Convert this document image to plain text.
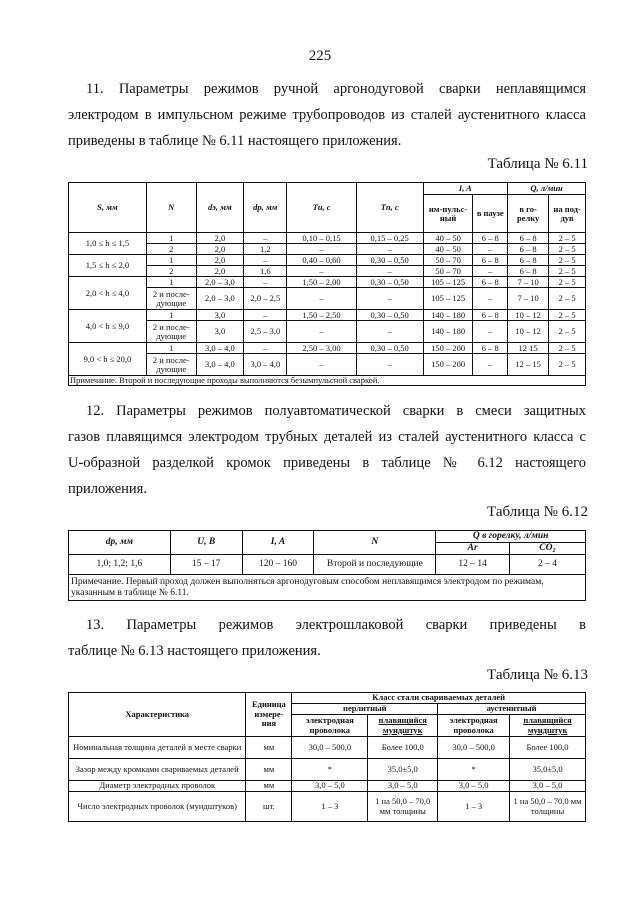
225
11. Параметры режимов ручной аргонодуговой сварки неплавящимся
электродом в импульсном режиме трубопроводов из сталей аустенитного класса
приведены в таблице № 6.11 настоящего приложения.
Таблица № 6.11
S, мм	N	dэ, мм	dр, мм	Tи, с	Tп, с	I, A		Q, л/мин	
						им-пульс-ный	в паузе	в го-релку	на под-дув
1,0 ≤ h ≤ 1,5	1	2,0	–	0,10 – 0,15	0,15 – 0,25	40 – 50	6 – 8	6 – 8	2 – 5
	2	2,0	1,2	–	–	40 – 50	–	6 – 8	2 – 5
1,5 ≤ h ≤ 2,0	1	2,0	–	0,40 – 0,60	0,30 – 0,50	50 – 70	6 – 8	6 – 8	2 – 5
	2	2,0	1,6	–	–	50 – 70	–	6 – 8	2 – 5
2,0 < h ≤ 4,0	1	2,0 – 3,0	–	1,50 – 2,00	0,30 – 0,50	105 – 125	6 – 8	7 – 10	2 – 5
	2 и после-дующие	2,0 – 3,0	2,0 – 2,5	–	–	105 – 125	–	7 – 10	2 – 5
4,0 < h ≤ 9,0	1	3,0	–	1,50 – 2,50	0,30 – 0,50	140 – 180	6 – 8	10 – 12	2 – 5
	2 и после-дующие	3,0	2,5 – 3,0	–	–	140 – 180	–	10 – 12	2 – 5
9,0 < h ≤ 20,0	1	3,0 – 4,0	–	2,50 – 3,00	0,30 – 0,50	150 – 200	6 – 8	12 15	2 – 5
	2 и после-дующие	3,0 – 4,0	3,0 – 4,0	–	–	150 – 200	–	12 – 15	2 – 5
Примечание. Второй и последующие проходы выполняются безымпульсной сваркой.									
12. Параметры режимов полуавтоматической сварки в смеси защитных
газов плавящимся электродом трубных деталей из сталей аустенитного класса с
U-образной разделкой кромок приведены в таблице № 6.12 настоящего
приложения.
Таблица № 6.12
dр, мм	U, В	I, A	N	Q в горелку, л/мин	
				Ar	CO₂
1,0; 1,2; 1,6	15 – 17	120 – 160	Второй и последующие	12 – 14	2 – 4
Примечание. Первый проход должен выполняться аргонодуговым способом неплавящимся электродом по режимам, указанным в таблице № 6.11.					
13. Параметры режимов электрошлаковой сварки приведены в
таблице № 6.13 настоящего приложения.
Таблица № 6.13
Характеристика	Единица измере-ния	Класс стали свариваемых деталей			
		перлитный		аустенитный	
		электродная проволока	плавящийся мундштук	электродная проволока	плавящийся мундштук
Номинальная толщина деталей в месте сварки	мм	30,0 – 500,0	Более 100,0	30,0 – 500,0	Более 100,0
Зазор между кромками свариваемых деталей	мм	*	35,0±5,0	*	35,0±5,0
Диаметр электродных проволок	мм	3,0 – 5,0	3,0 – 5,0	3,0 – 5,0	3,0 – 5,0
Число электродных проволок (мундштуков)	шт.	1 – 3	1 на 50,0 – 70,0 мм толщины	1 – 3	1 на 50,0 – 70,0 мм толщины
